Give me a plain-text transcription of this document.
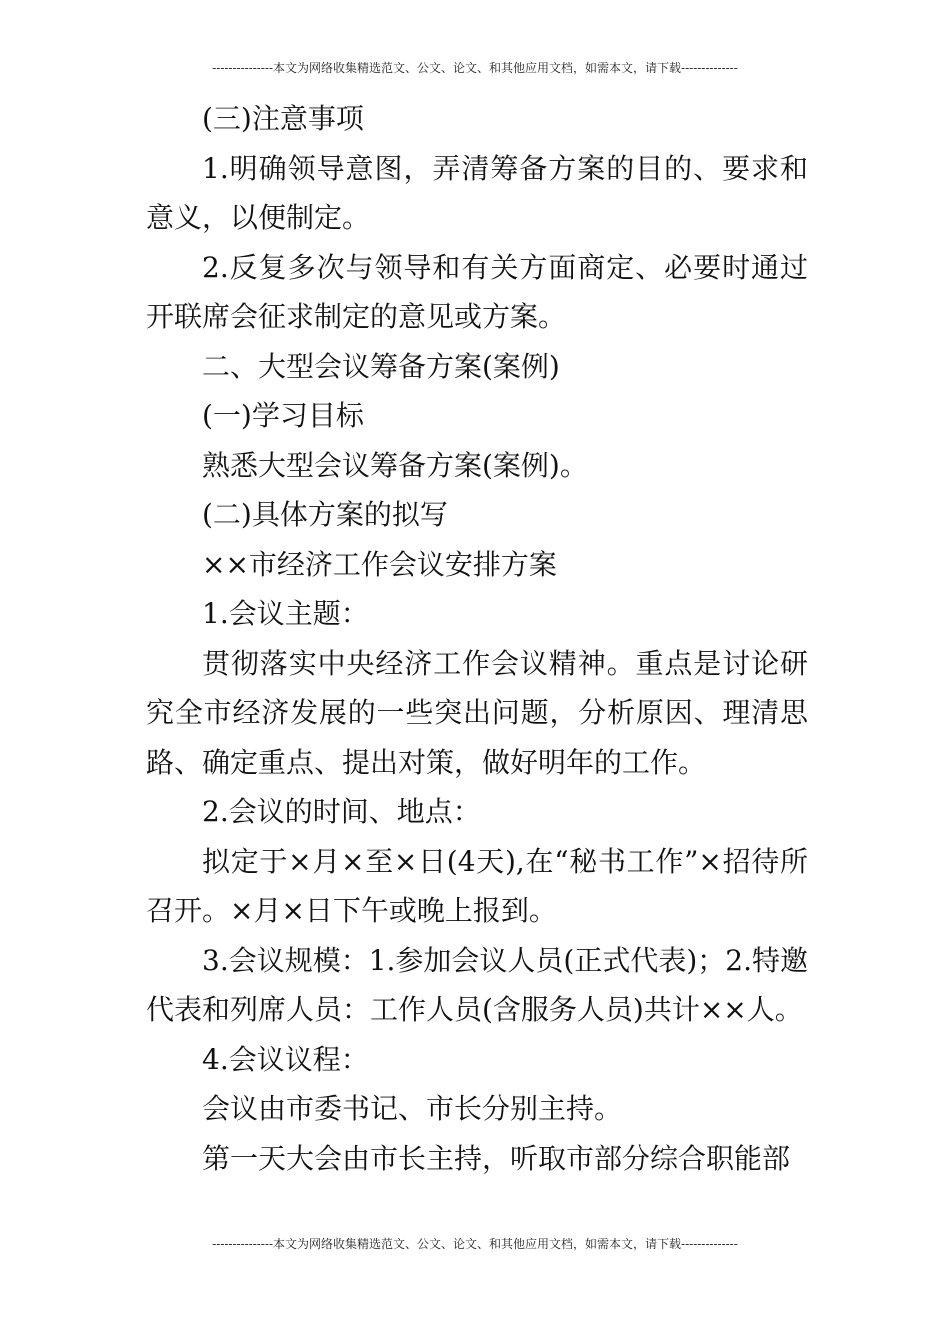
---------------本文为网络收集精选范文、公文、论文、和其他应用文档，如需本文，请下载--------------

(三)注意事项

1.明确领导意图，弄清筹备方案的目的、要求和意义，以便制定。

2.反复多次与领导和有关方面商定、必要时通过开联席会征求制定的意见或方案。

二、大型会议筹备方案(案例)

(一)学习目标

熟悉大型会议筹备方案(案例)。

(二)具体方案的拟写

××市经济工作会议安排方案

1.会议主题：

贯彻落实中央经济工作会议精神。重点是讨论研究全市经济发展的一些突出问题，分析原因、理清思路、确定重点、提出对策，做好明年的工作。

2.会议的时间、地点：

拟定于×月×至×日(4天),在“秘书工作”×招待所召开。×月×日下午或晚上报到。

3.会议规模：1.参加会议人员(正式代表)；2.特邀代表和列席人员：工作人员(含服务人员)共计××人。

4.会议议程：

会议由市委书记、市长分别主持。

第一天大会由市长主持，听取市部分综合职能部

---------------本文为网络收集精选范文、公文、论文、和其他应用文档，如需本文，请下载--------------
